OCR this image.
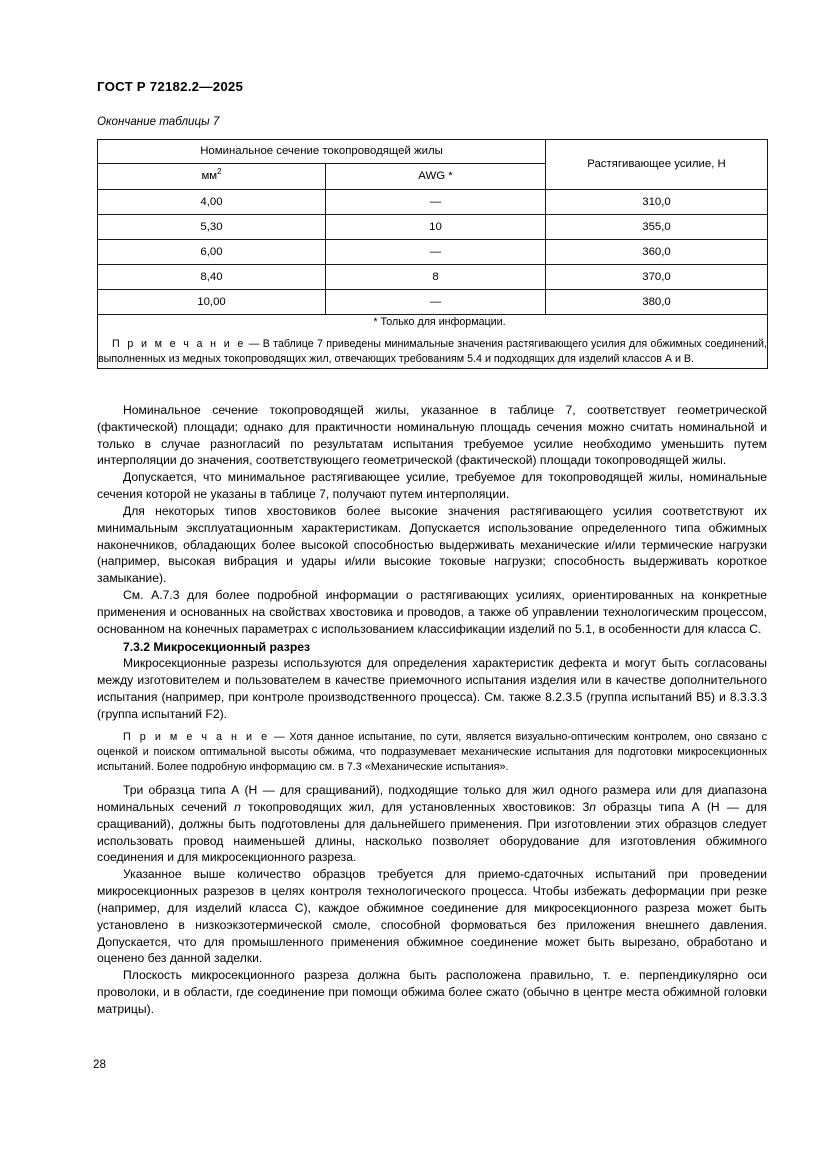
ГОСТ Р 72182.2—2025
Окончание таблицы 7
Номинальное сечение токопроводящей жилы		Растягивающее усилие, Н
$мм^2$	AWG *	
4,00	—	310,0
5,30	10	355,0
6,00	—	360,0
8,40	8	370,0
10,00	—	380,0

* Только для информации.

П р и м е ч а н и е — В таблице 7 приведены минимальные значения растягивающего усилия для обжимных соединений, выполненных из медных токопроводящих жил, отвечающих требованиям 5.4 и подходящих для изделий классов А и В.		

Номинальное сечение токопроводящей жилы, указанное в таблице 7, соответствует геометрической (фактической) площади; однако для практичности номинальную площадь сечения можно считать номинальной и только в случае разногласий по результатам испытания требуемое усилие необходимо уменьшить путем интерполяции до значения, соответствующего геометрической (фактической) площади токопроводящей жилы.

Допускается, что минимальное растягивающее усилие, требуемое для токопроводящей жилы, номинальные сечения которой не указаны в таблице 7, получают путем интерполяции.

Для некоторых типов хвостовиков более высокие значения растягивающего усилия соответствуют их минимальным эксплуатационным характеристикам. Допускается использование определенного типа обжимных наконечников, обладающих более высокой способностью выдерживать механические и/или термические нагрузки (например, высокая вибрация и удары и/или высокие токовые нагрузки; способность выдерживать короткое замыкание).

См. А.7.3 для более подробной информации о растягивающих усилиях, ориентированных на конкретные применения и основанных на свойствах хвостовика и проводов, а также об управлении технологическим процессом, основанном на конечных параметрах с использованием классификации изделий по 5.1, в особенности для класса С.

7.3.2 Микросекционный разрез

Микросекционные разрезы используются для определения характеристик дефекта и могут быть согласованы между изготовителем и пользователем в качестве приемочного испытания изделия или в качестве дополнительного испытания (например, при контроле производственного процесса). См. также 8.2.3.5 (группа испытаний В5) и 8.3.3.3 (группа испытаний F2).

П р и м е ч а н и е — Хотя данное испытание, по сути, является визуально-оптическим контролем, оно связано с оценкой и поиском оптимальной высоты обжима, что подразумевает механические испытания для подготовки микросекционных испытаний. Более подробную информацию см. в 7.3 «Механические испытания».

Три образца типа А (Н — для сращиваний), подходящие только для жил одного размера или для диапазона номинальных сечений n токопроводящих жил, для установленных хвостовиков: 3n образцы типа А (Н — для сращиваний), должны быть подготовлены для дальнейшего применения. При изготовлении этих образцов следует использовать провод наименьшей длины, насколько позволяет оборудование для изготовления обжимного соединения и для микросекционного разреза.

Указанное выше количество образцов требуется для приемо-сдаточных испытаний при проведении микросекционных разрезов в целях контроля технологического процесса. Чтобы избежать деформации при резке (например, для изделий класса С), каждое обжимное соединение для микросекционного разреза может быть установлено в низкоэкзотермической смоле, способной формоваться без приложения внешнего давления. Допускается, что для промышленного применения обжимное соединение может быть вырезано, обработано и оценено без данной заделки.

Плоскость микросекционного разреза должна быть расположена правильно, т. е. перпендикулярно оси проволоки, и в области, где соединение при помощи обжима более сжато (обычно в центре места обжимной головки матрицы).

28
